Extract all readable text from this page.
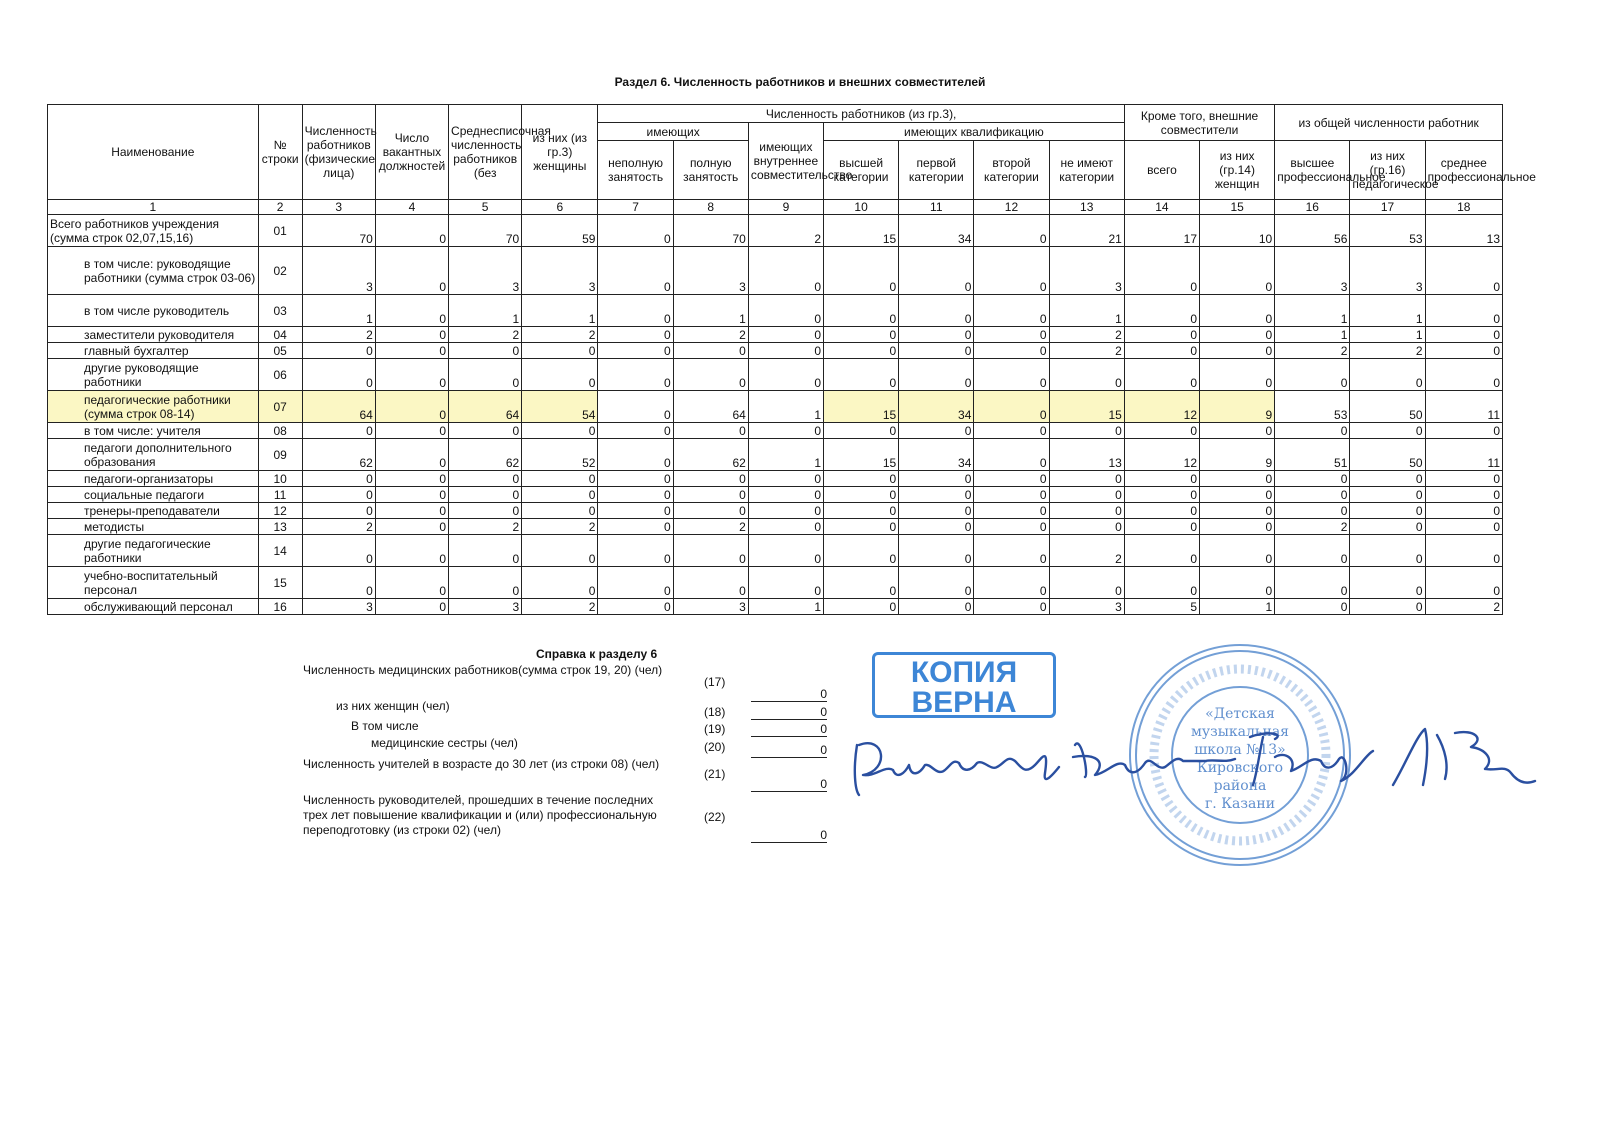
Раздел 6. Численность работников и внешних совместителей
Наименование	№ строки	Численность работников (физические лица)	Число вакантных должностей	Среднесписочная численность работников (без	из них (из гр.3) женщины	Численность работников (из гр.3),							Кроме того, внешние совместители		из общей численности работник		
						имеющих		имеющих внутреннее совместительство	имеющих квалификацию								
						неполную занятость	полную занятость		высшей категории	первой категории	второй категории	не имеют категории	всего	из них (гр.14) женщин	высшее профессиональное	из них (гр.16) педагогическое	среднее профессиональное
1	2	3	4	5	6	7	8	9	10	11	12	13	14	15	16	17	18
Всего работников учреждения (сумма строк 02,07,15,16)	01	70	0	70	59	0	70	2	15	34	0	21	17	10	56	53	13
в том числе: руководящие работники (сумма строк 03-06)	02	3	0	3	3	0	3	0	0	0	0	3	0	0	3	3	0
в том числе руководитель	03	1	0	1	1	0	1	0	0	0	0	1	0	0	1	1	0
заместители руководителя	04	2	0	2	2	0	2	0	0	0	0	2	0	0	1	1	0
главный бухгалтер	05	0	0	0	0	0	0	0	0	0	0	2	0	0	2	2	0
другие руководящие работники	06	0	0	0	0	0	0	0	0	0	0	0	0	0	0	0	0
педагогические работники (сумма строк 08-14)	07	64	0	64	54	0	64	1	15	34	0	15	12	9	53	50	11
в том числе: учителя	08	0	0	0	0	0	0	0	0	0	0	0	0	0	0	0	0
педагоги дополнительного образования	09	62	0	62	52	0	62	1	15	34	0	13	12	9	51	50	11
педагоги-организаторы	10	0	0	0	0	0	0	0	0	0	0	0	0	0	0	0	0
социальные педагоги	11	0	0	0	0	0	0	0	0	0	0	0	0	0	0	0	0
тренеры-преподаватели	12	0	0	0	0	0	0	0	0	0	0	0	0	0	0	0	0
методисты	13	2	0	2	2	0	2	0	0	0	0	0	0	0	2	0	0
другие педагогические работники	14	0	0	0	0	0	0	0	0	0	0	2	0	0	0	0	0
учебно-воспитательный персонал	15	0	0	0	0	0	0	0	0	0	0	0	0	0	0	0	0
обслуживающий персонал	16	3	0	3	2	0	3	1	0	0	0	3	5	1	0	0	2
Справка к разделу 6
Численность медицинских работников(сумма строк 19, 20) (чел)
(17)
0
из них женщин (чел)	(18)	0
В том числе	(19)	0
медицинские сестры (чел)	(20)	0
Численность учителей в возрасте до 30 лет (из строки 08) (чел)
(21)
0
Численность руководителей, прошедших в течение последних
трех лет повышение квалификации и (или) профессиональную
переподготовку (из строки 02) (чел)
(22)
0
КОПИЯ
ВЕРНА	«Детская
музыкальная
школа №13»
Кировского
района
г. Казани
